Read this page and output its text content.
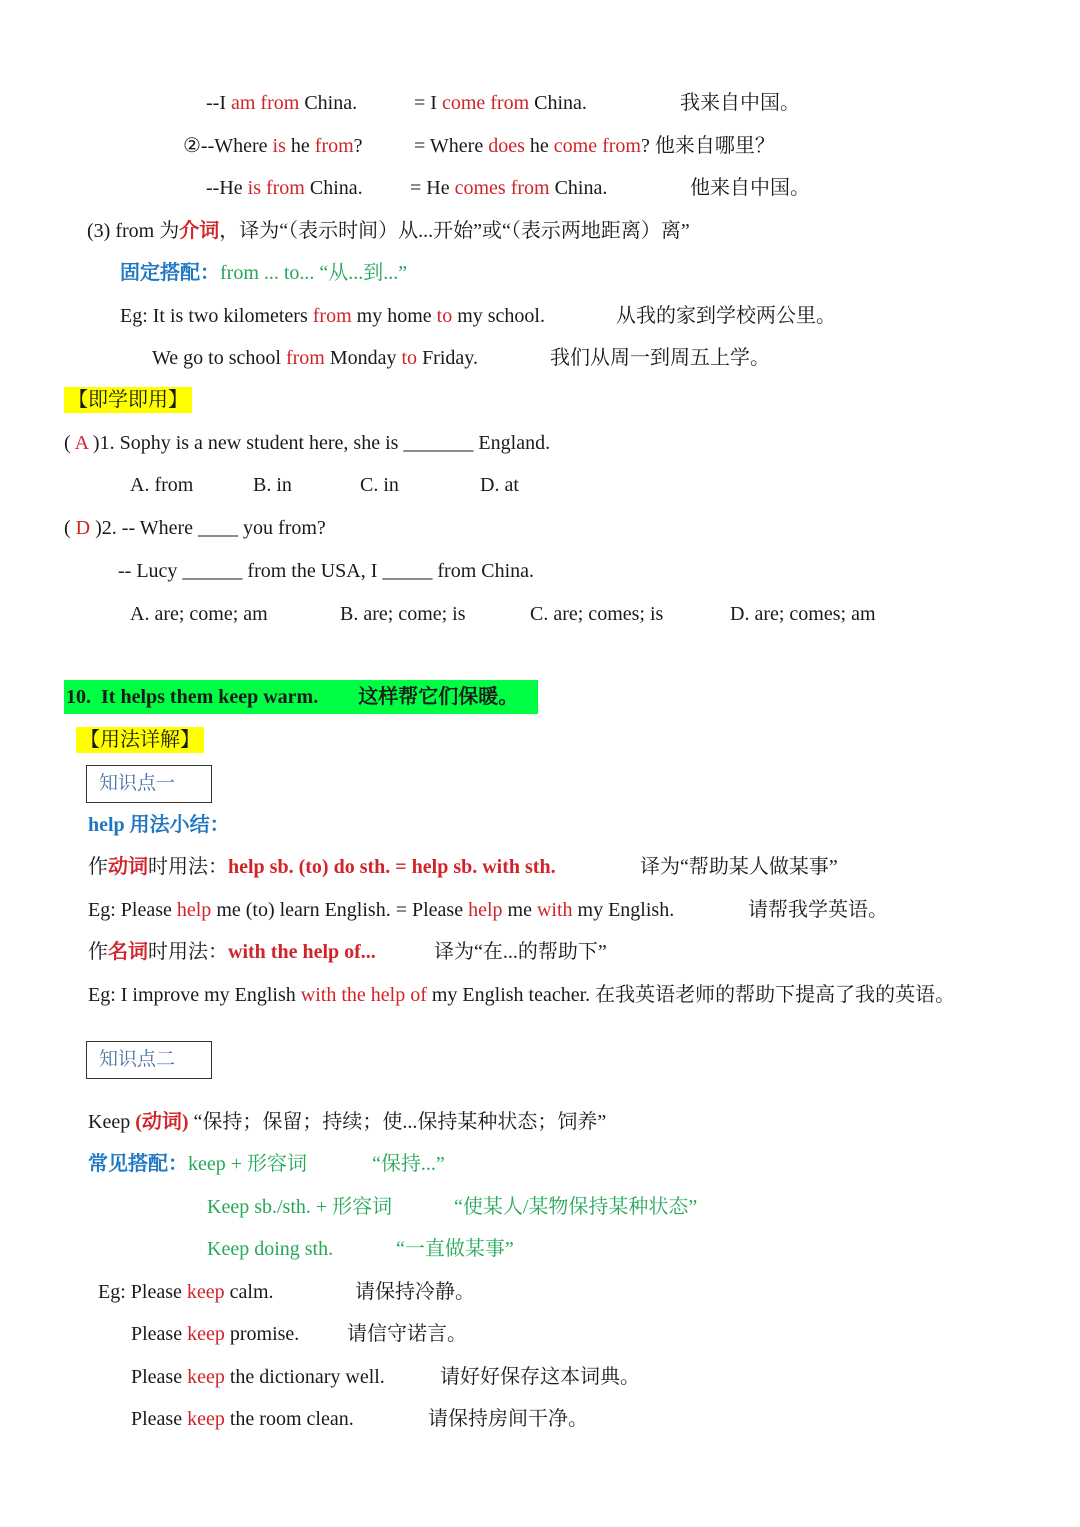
--I am from China.	= I come from China.	我来自中国。
②--Where is he from?	= Where does he come from? 他来自哪里？
--He is from China. = He comes from China.	他来自中国。
(3) from 为介词，译为“（表示时间）从...开始”或“（表示两地距离）离”
固定搭配：from ... to... “从...到...”
Eg: It is two kilometers from my home to my school.	从我的家到学校两公里。
We go to school from Monday to Friday.	我们从周一到周五上学。
【即学即用】
( A )1. Sophy is a new student here, she is _______ England.
A. from	B. in	C. in	D. at
( D )2. -- Where ____ you from?
-- Lucy ______ from the USA, I _____ from China.
A. are; come; am	B. are; come; is	C. are; comes; is	D. are; comes; am
10.  It helps them keep warm.        这样帮它们保暖。
【用法详解】
知识点一
help 用法小结：
作动词时用法：help sb. (to) do sth. = help sb. with sth.	译为“帮助某人做某事”
Eg: Please help me (to) learn English. = Please help me with my English.	请帮我学英语。
作名词时用法：with the help of...	译为“在...的帮助下”
Eg: I improve my English with the help of my English teacher. 在我英语老师的帮助下提高了我的英语。
知识点二
Keep (动词) “保持；保留；持续；使...保持某种状态；饲养”
常见搭配：keep + 形容词	“保持...”
Keep sb./sth. + 形容词	“使某人/某物保持某种状态”
Keep doing sth.	“一直做某事”
Eg: Please keep calm.	请保持冷静。
Please keep promise. 请信守诺言。
Please keep the dictionary well.	请好好保存这本词典。
Please keep the room clean.	请保持房间干净。
